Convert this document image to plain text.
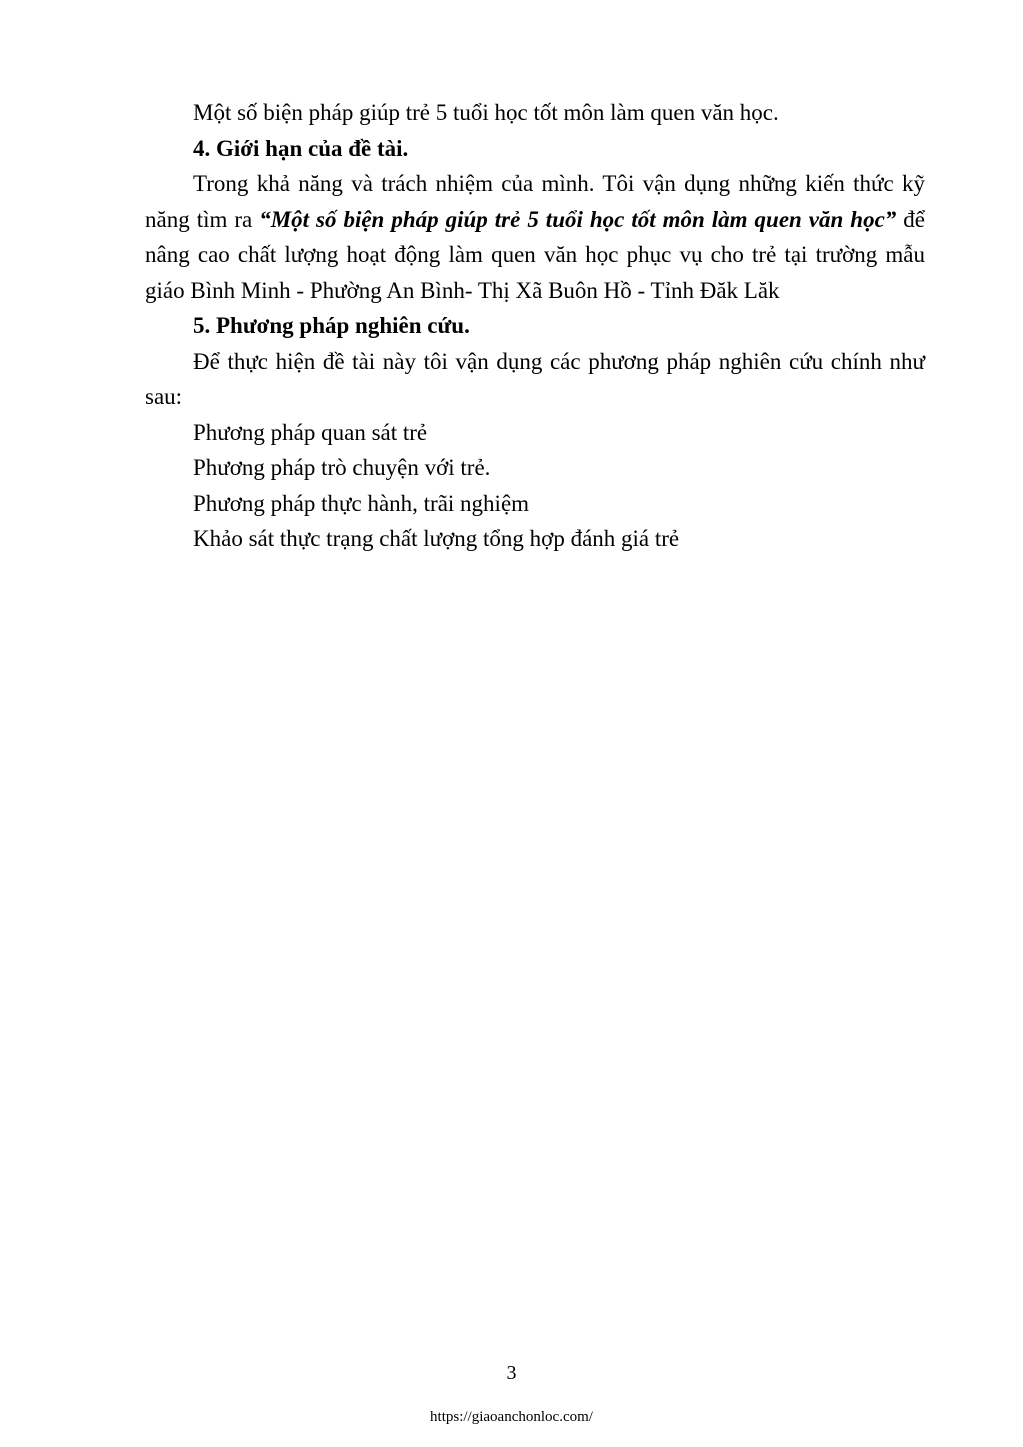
Một số biện pháp giúp trẻ 5 tuổi học tốt môn làm quen văn học.

4. Giới hạn của đề tài.

Trong khả năng và trách nhiệm của mình. Tôi vận dụng những kiến thức kỹ năng tìm ra “Một số biện pháp giúp trẻ 5 tuổi học tốt môn làm quen văn học” để nâng cao chất lượng hoạt động làm quen văn học phục vụ cho trẻ tại trường mẫu giáo Bình Minh - Phường An Bình- Thị Xã Buôn Hồ - Tỉnh Đăk Lăk

5. Phương pháp nghiên cứu.

Để thực hiện đề tài này tôi vận dụng các phương pháp nghiên cứu chính như sau:

Phương pháp quan sát trẻ

Phương pháp trò chuyện với trẻ.

Phương pháp thực hành, trãi nghiệm

Khảo sát thực trạng chất lượng tổng hợp đánh giá trẻ

3
https://giaoanchonloc.com/
